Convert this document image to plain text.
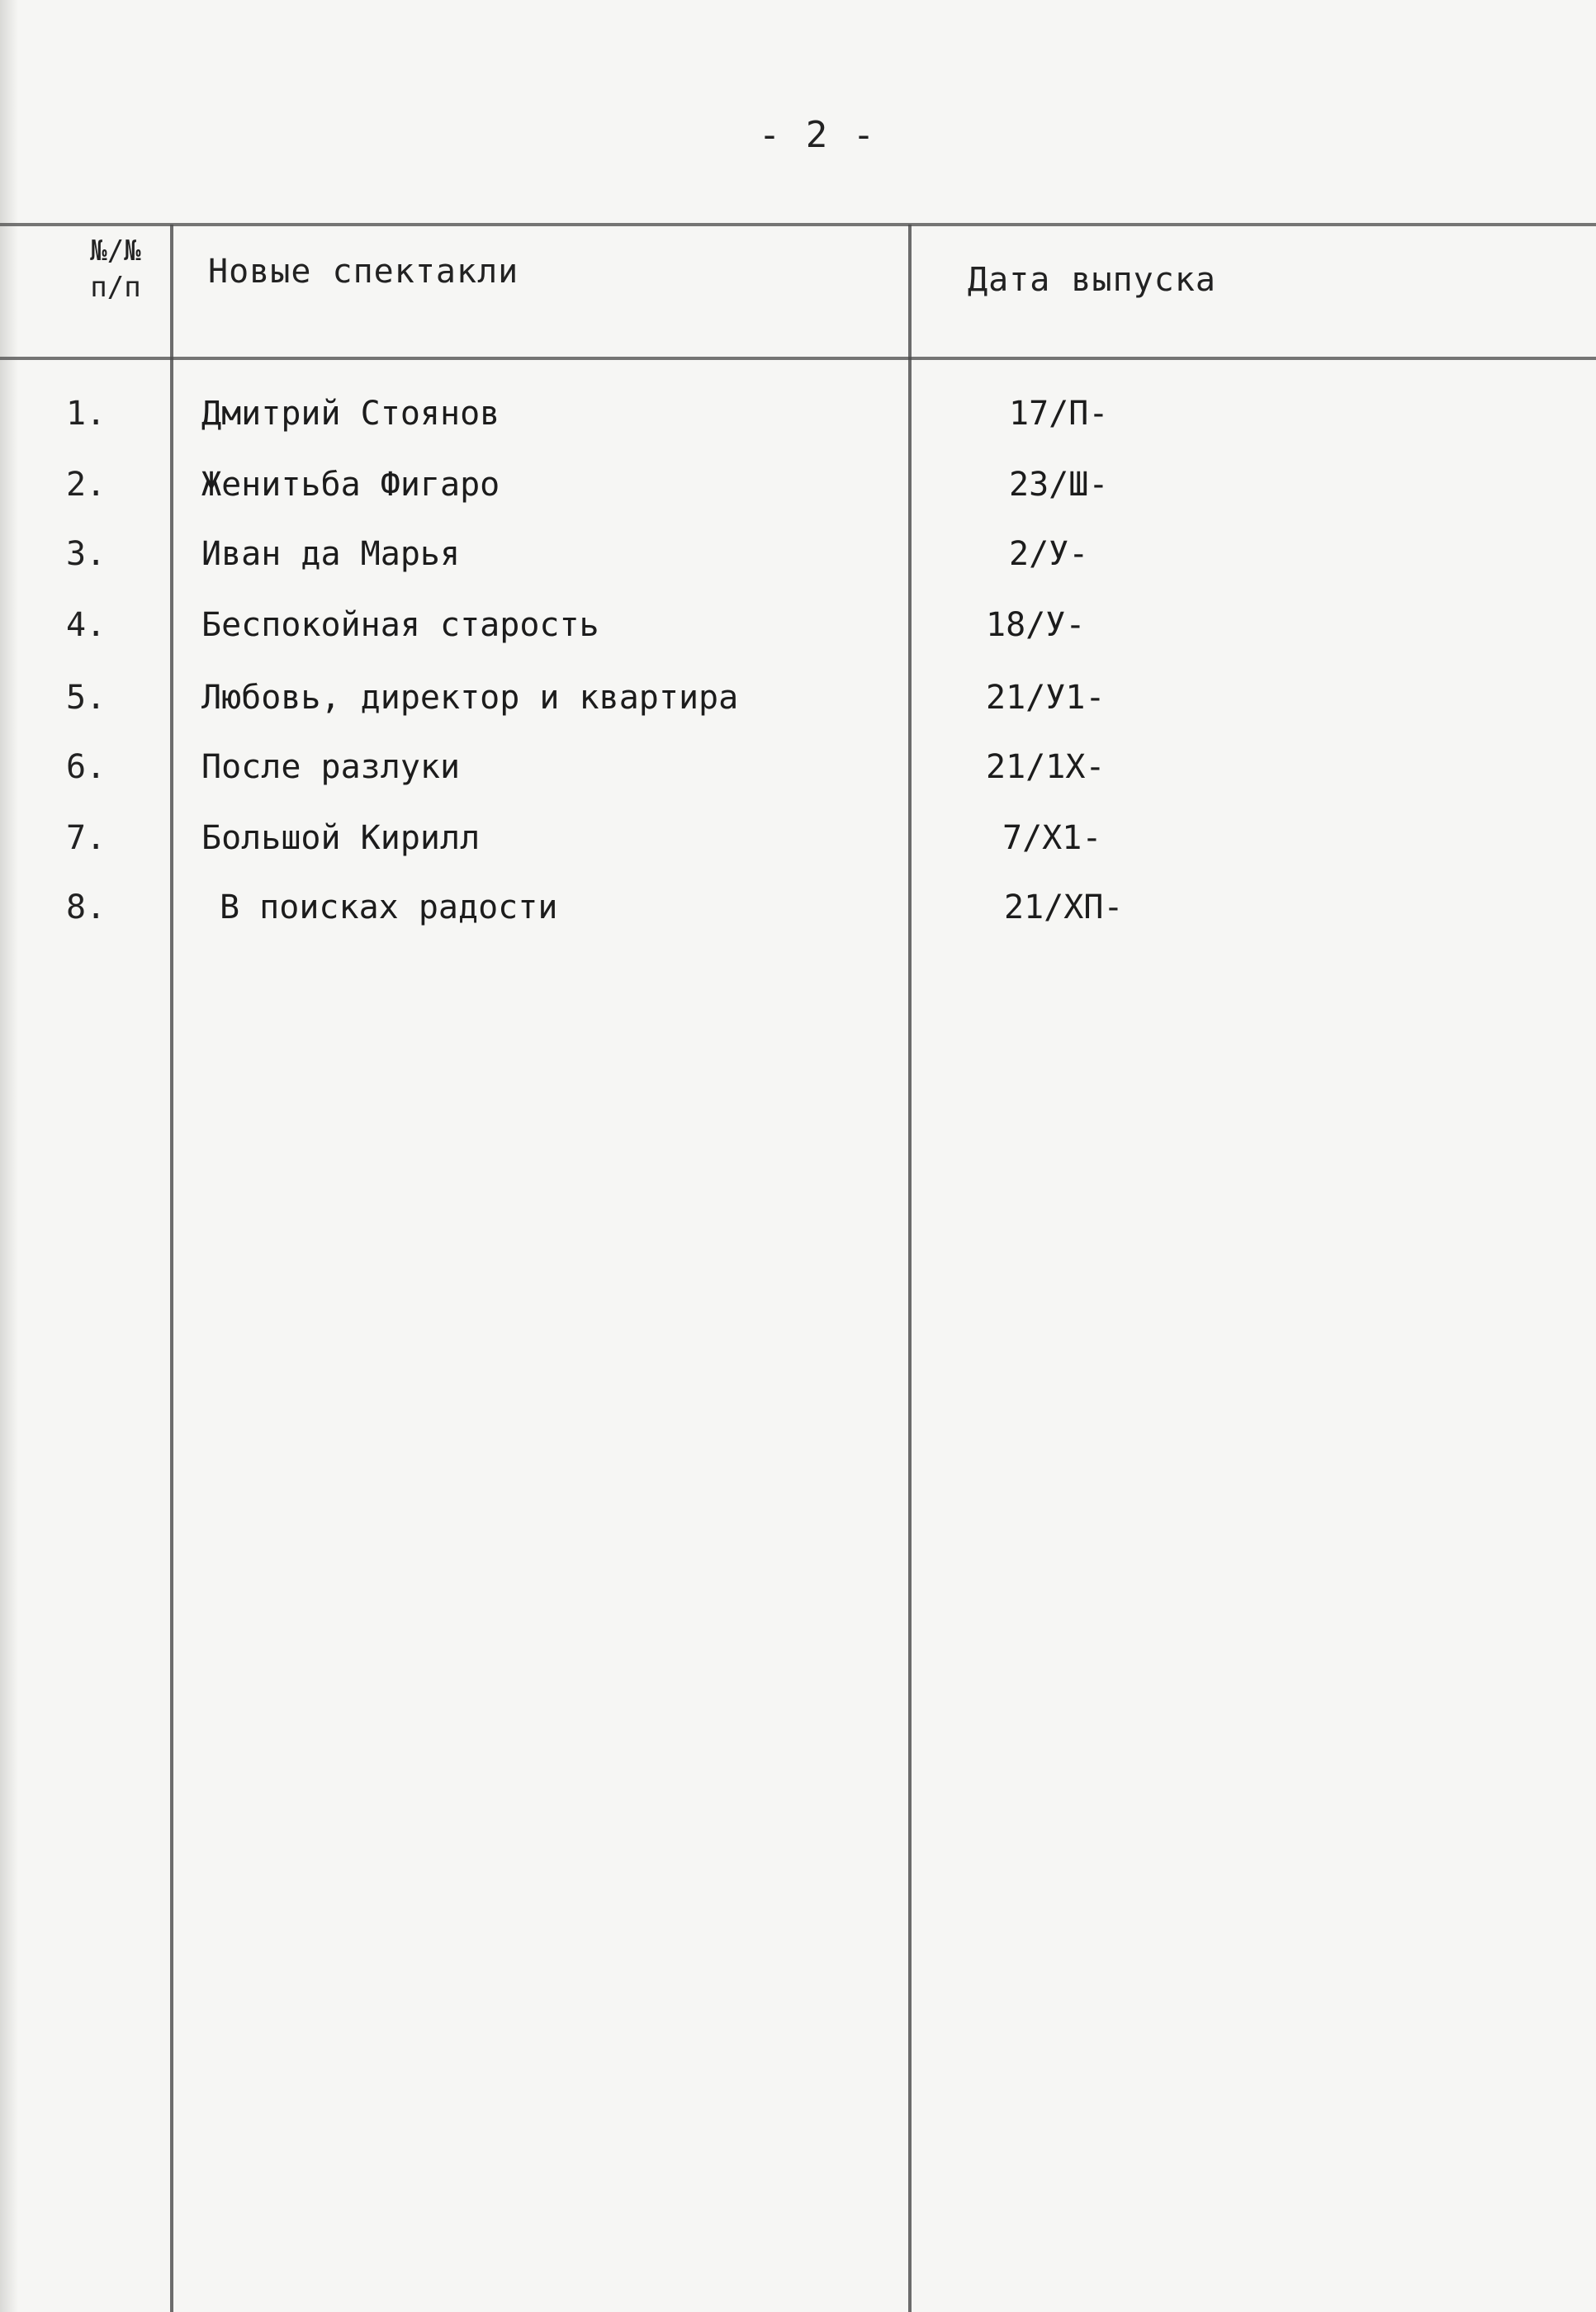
- 2 -
№/№
п/п	Новые спектакли	Дата выпуска
1.	Дмитрий Стоянов	17/П-
2.	Женитьба Фигаро	23/Ш-
3.	Иван да Марья	2/У-
4.	Беспокойная старость	18/У-
5.	Любовь, директор и квартира	21/У1-
6.	После разлуки	21/1Х-
7.	Большой Кирилл	7/Х1-
8.	В поисках радости	21/ХП-
